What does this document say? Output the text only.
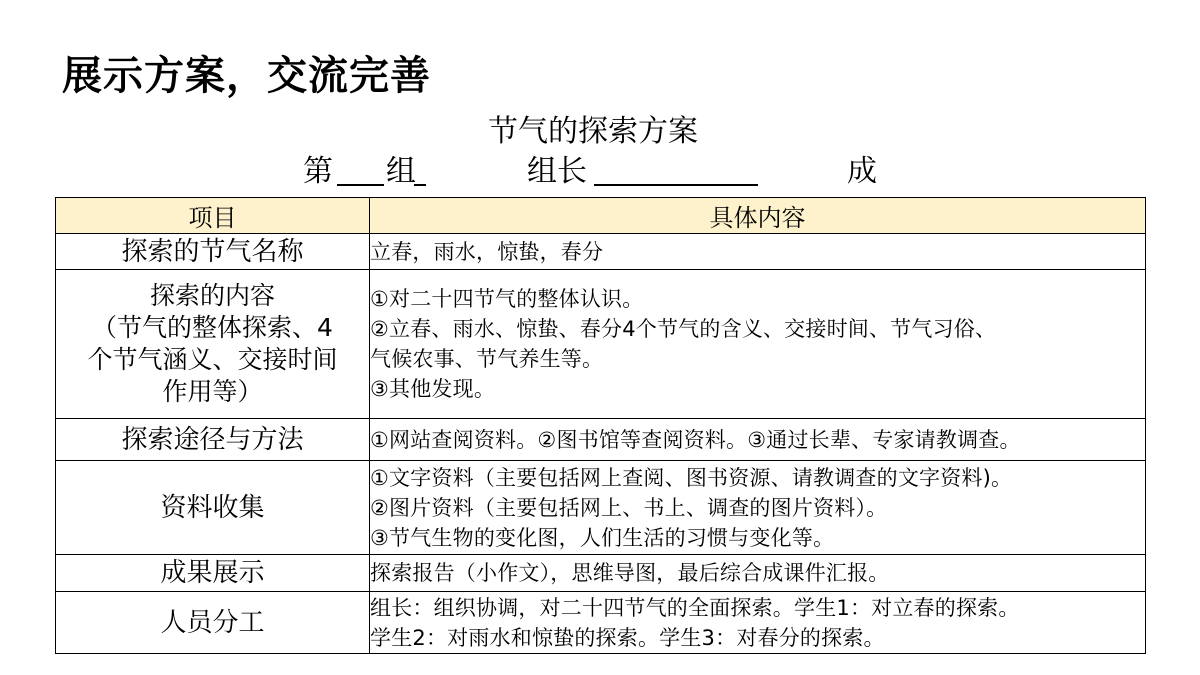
展示方案，交流完善
节气的探索方案
第 组	组长	成
项目	具体内容

探索的节气名称	立春，雨水，惊蛰，春分

探索的内容
（节气的整体探索、4
个节气涵义、交接时间
作用等）	①对二十四节气的整体认识。
②立春、雨水、惊蛰、春分4个节气的含义、交接时间、节气习俗、
气候农事、节气养生等。
③其他发现。

探索途径与方法	①网站查阅资料。②图书馆等查阅资料。③通过长辈、专家请教调查。

资料收集	①文字资料（主要包括网上查阅、图书资源、请教调查的文字资料)。
②图片资料（主要包括网上、书上、调查的图片资料）。
③节气生物的变化图，人们生活的习惯与变化等。

成果展示	探索报告（小作文），思维导图，最后综合成课件汇报。

人员分工	组长：组织协调，对二十四节气的全面探索。学生1：对立春的探索。
学生2：对雨水和惊蛰的探索。学生3：对春分的探索。
